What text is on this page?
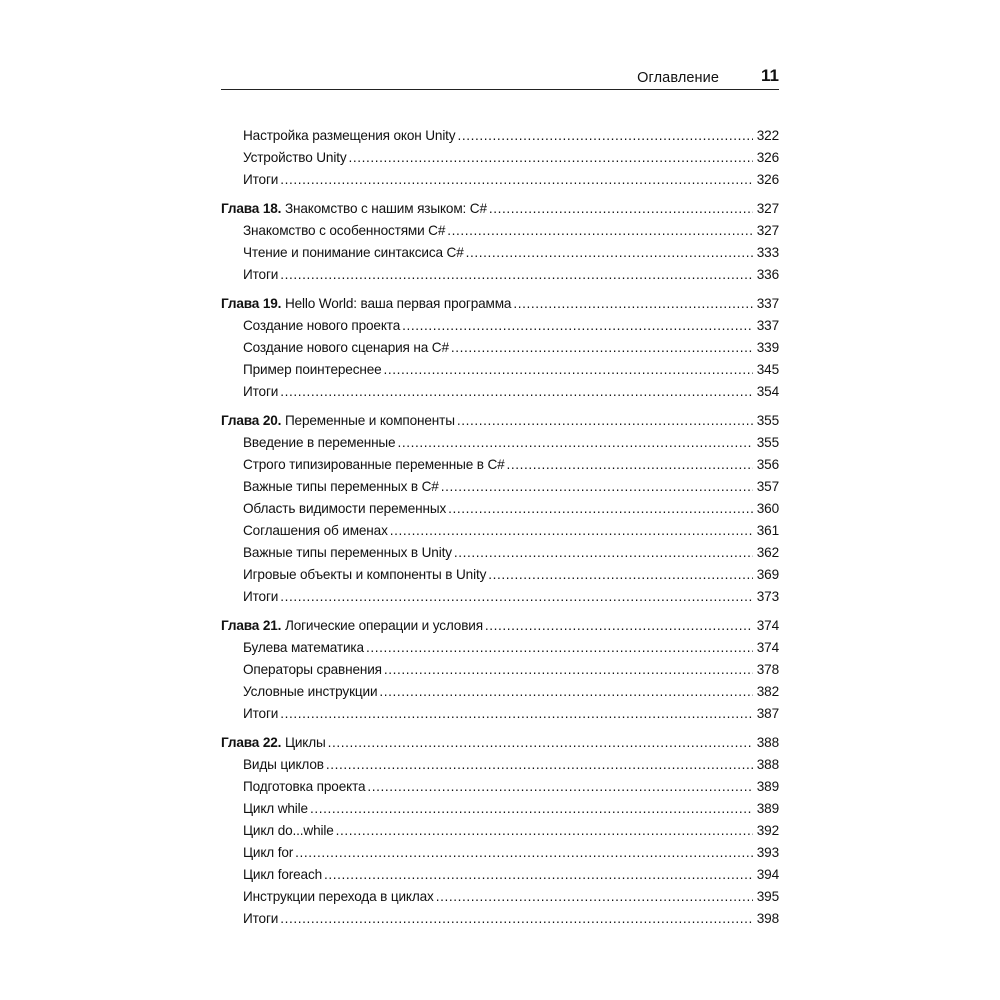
Оглавление 11
Настройка размещения окон Unity .....	322
Устройство Unity .....	326
Итоги .....	326
Глава 18. Знакомство с нашим языком: C# .....	327
Знакомство с особенностями C# .....	327
Чтение и понимание синтаксиса C# .....	333
Итоги .....	336
Глава 19. Hello World: ваша первая программа .....	337
Создание нового проекта .....	337
Создание нового сценария на C# .....	339
Пример поинтереснее .....	345
Итоги .....	354
Глава 20. Переменные и компоненты .....	355
Введение в переменные .....	355
Строго типизированные переменные в C# .....	356
Важные типы переменных в C# .....	357
Область видимости переменных .....	360
Соглашения об именах .....	361
Важные типы переменных в Unity .....	362
Игровые объекты и компоненты в Unity .....	369
Итоги .....	373
Глава 21. Логические операции и условия .....	374
Булева математика .....	374
Операторы сравнения .....	378
Условные инструкции .....	382
Итоги .....	387
Глава 22. Циклы .....	388
Виды циклов .....	388
Подготовка проекта .....	389
Цикл while .....	389
Цикл do...while .....	392
Цикл for .....	393
Цикл foreach .....	394
Инструкции перехода в циклах .....	395
Итоги .....	398
